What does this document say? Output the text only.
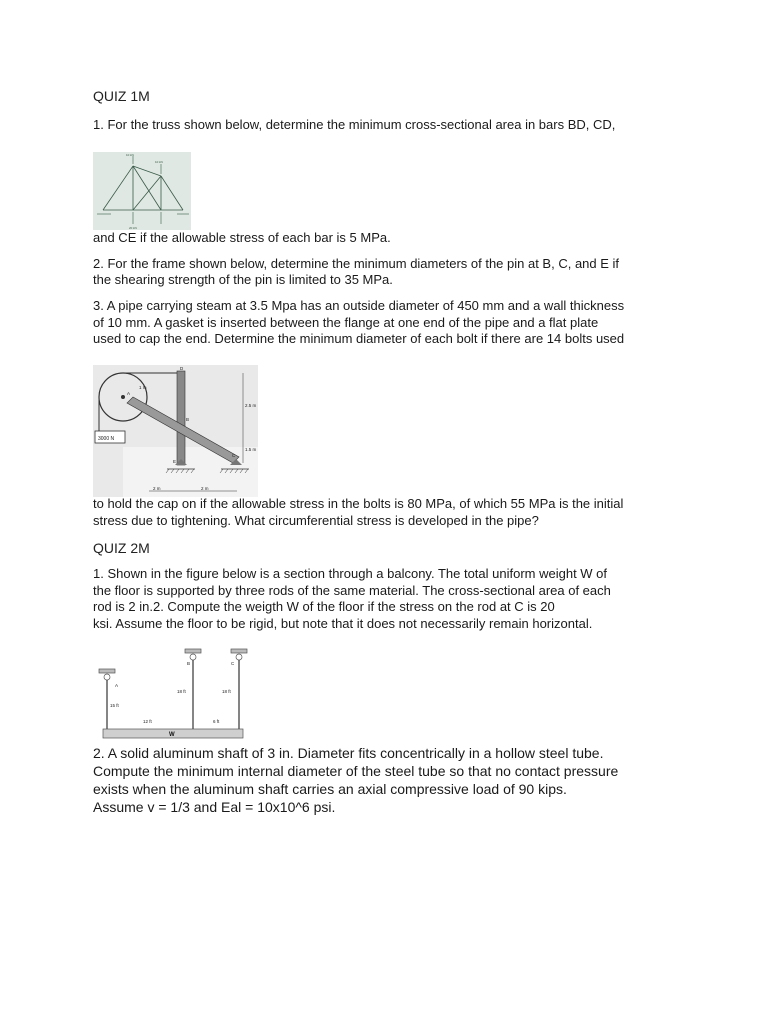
QUIZ 1M

1. For the truss shown below, determine the minimum cross-sectional area in bars BD, CD,

10 kN
10 kN
20 kN

and CE if the allowable stress of each bar is 5 MPa.

2. For the frame shown below, determine the minimum diameters of the pin at B, C, and E if

the shearing strength of the pin is limited to 35 MPa.

3. A pipe carrying steam at 3.5 Mpa has an outside diameter of 450 mm and a wall thickness

of 10 mm. A gasket is inserted between the flange at one end of the pipe and a flat plate

used to cap the end. Determine the minimum diameter of each bolt if there are 14 bolts used

3000 N
A
B
C
D
E
1 m
2.5 m
1.5 m
2 m	2 m

to hold the cap on if the allowable stress in the bolts is 80 MPa, of which 55 MPa is the initial

stress due to tightening. What circumferential stress is developed in the pipe?

QUIZ 2M

1. Shown in the figure below is a section through a balcony. The total uniform weight W of

the floor is supported by three rods of the same material. The cross-sectional area of each

rod is 2 in.2. Compute the weigth W of the floor if the stress on the rod at C is 20

ksi. Assume the floor to be rigid, but note that it does not necessarily remain horizontal.

A
B	C
15 ft
12 ft
18 ft	18 ft
6 ft
W

2. A solid aluminum shaft of 3 in. Diameter fits concentrically in a hollow steel tube.

Compute the minimum internal diameter of the steel tube so that no contact pressure

exists when the aluminum shaft carries an axial compressive load of 90 kips.

Assume v = 1/3 and Eal = 10x10^6 psi.
